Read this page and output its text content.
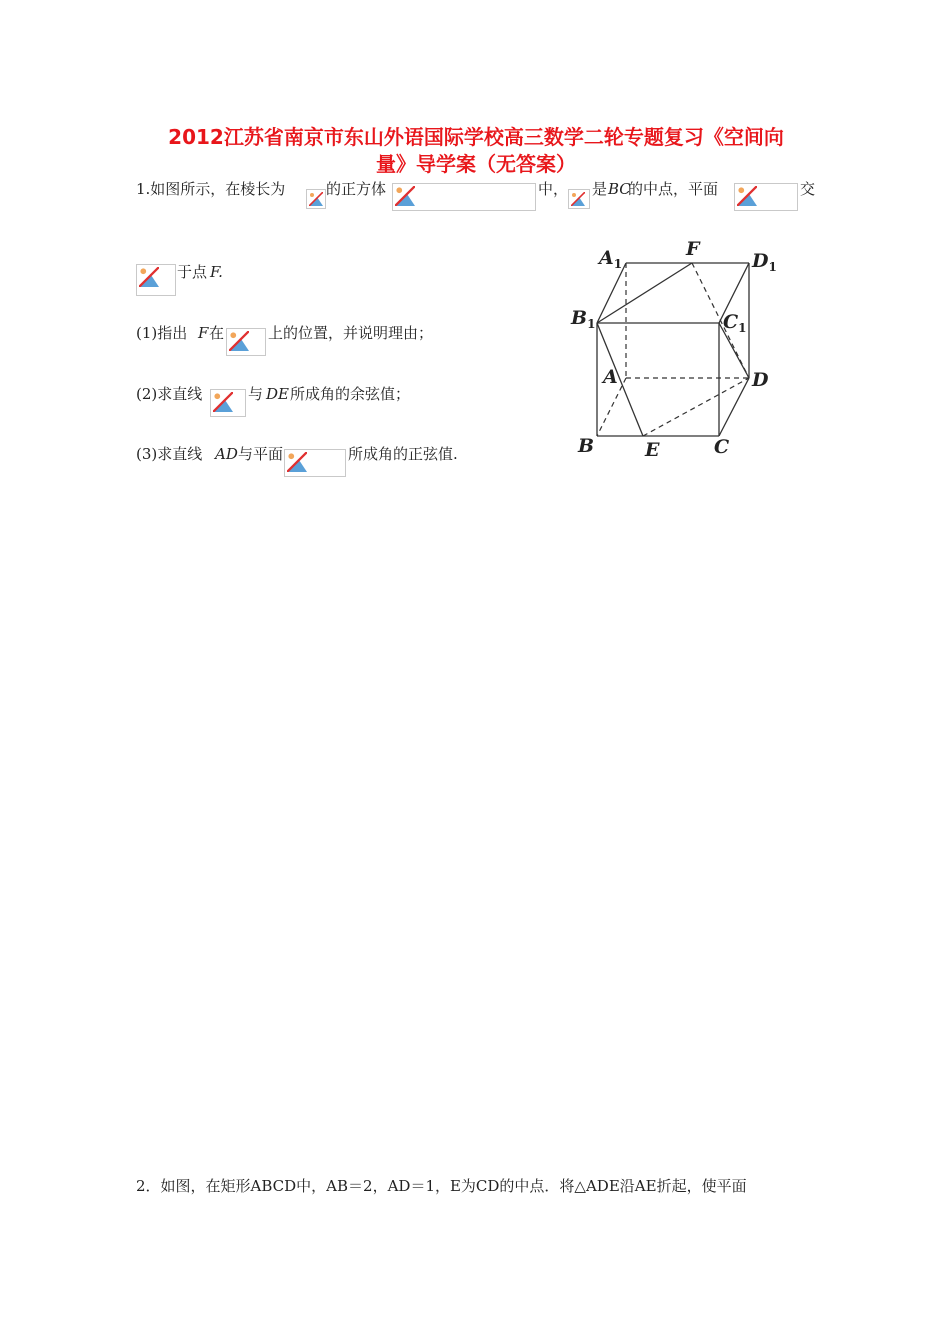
2012江苏省南京市东山外语国际学校高三数学二轮专题复习《空间向
量》导学案（无答案）
1.如图所示，在棱长为	的正方体	中， 是 BC
的中点，平面	交
于点 F.
(1)指出 F 在	上的位置，并说明理由；
(2)求直线	与 DE 所成角的余弦值；
(3)求直线 AD 与平面	所成角的正弦值.
$A_1$
F
$D_1$
$B_1$	$C_1$
A	D
B	E	C
2．如图，在矩形ABCD中，AB＝2，AD＝1，E为CD的中点．将△ADE沿AE折起，使平面
